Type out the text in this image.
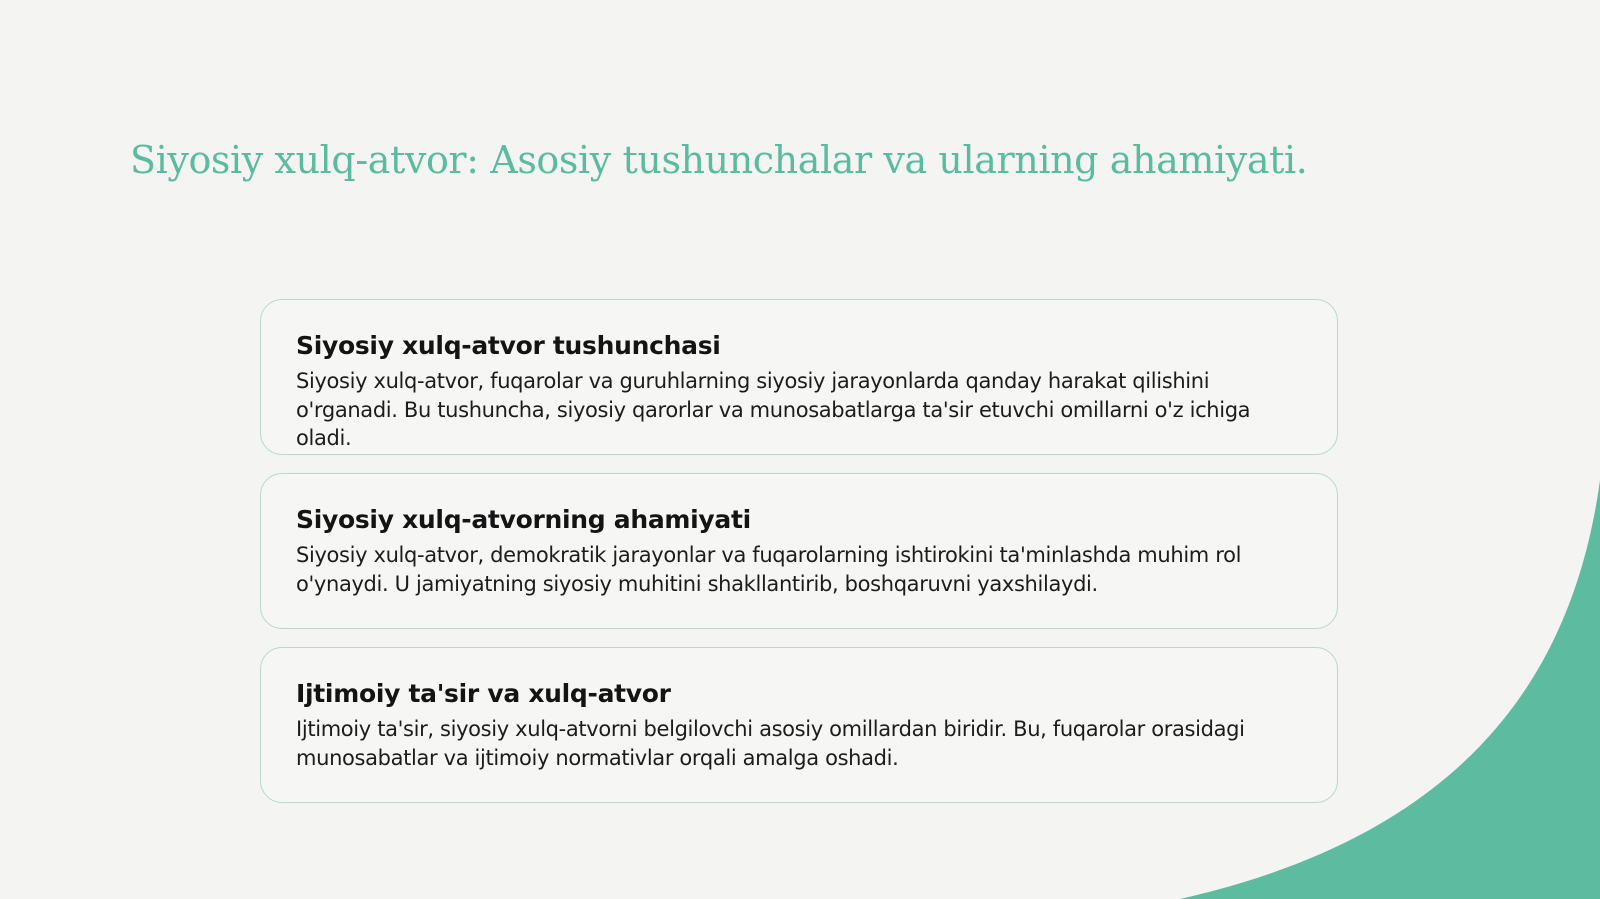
Siyosiy xulq-atvor: Asosiy tushunchalar va ularning ahamiyati.
Siyosiy xulq-atvor tushunchasi

Siyosiy xulq-atvor, fuqarolar va guruhlarning siyosiy jarayonlarda qanday harakat qilishini o'rganadi. Bu tushuncha, siyosiy qarorlar va munosabatlarga ta'sir etuvchi omillarni o'z ichiga oladi.

Siyosiy xulq-atvorning ahamiyati

Siyosiy xulq-atvor, demokratik jarayonlar va fuqarolarning ishtirokini ta'minlashda muhim rol o'ynaydi. U jamiyatning siyosiy muhitini shakllantirib, boshqaruvni yaxshilaydi.

Ijtimoiy ta'sir va xulq-atvor

Ijtimoiy ta'sir, siyosiy xulq-atvorni belgilovchi asosiy omillardan biridir. Bu, fuqarolar orasidagi munosabatlar va ijtimoiy normativlar orqali amalga oshadi.
